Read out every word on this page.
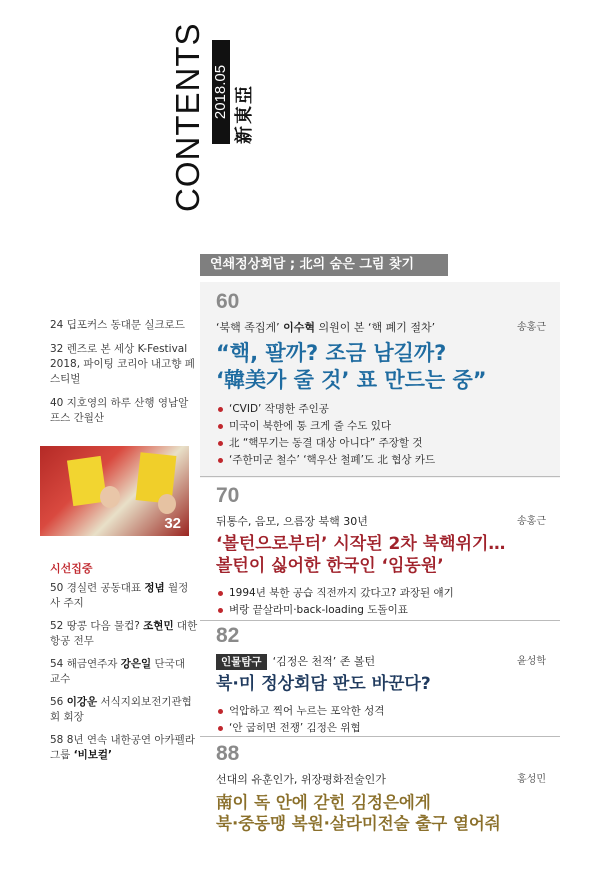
CONTENTS 2018.05 新東亞
24 딥포커스 동대문 실크로드
32 렌즈로 본 세상 K-Festival 2018, 파이팅 코리아 내고향 페스티벌
40 지호영의 하루 산행 영남알프스 간월산
32
시선집중
50 경실련 공동대표 정념 월정사 주지
52 땅콩 다음 물컵? 조현민 대한항공 전무
54 해금연주자 강은일 단국대 교수
56 이강운 서식지외보전기관협회 회장
58 8년 연속 내한공연 아카펠라 그룹 ‘비보컬’
연쇄정상회담 ; 北의 숨은 그림 찾기
60
‘북핵 족집게’ 이수혁 의원이 본 ‘핵 폐기 절차’	송홍근
“핵, 팔까? 조금 남길까?
‘韓美가 줄 것’ 표 만드는 중”
‘CVID’ 작명한 주인공
미국이 북한에 통 크게 줄 수도 있다
北 “핵무기는 동결 대상 아니다” 주장할 것
‘주한미군 철수’ ‘핵우산 철폐’도 北 협상 카드
70
뒤통수, 음모, 으름장 북핵 30년	송홍근
‘볼턴으로부터’ 시작된 2차 북핵위기…
볼턴이 싫어한 한국인 ‘임동원’
1994년 북한 공습 직전까지 갔다고? 과장된 얘기
벼랑 끝살라미·back-loading 도돌이표
82
인물탐구 ‘김정은 천적’ 존 볼턴	윤성학
북·미 정상회담 판도 바꾼다?
억압하고 찍어 누르는 포악한 성격
‘안 굽히면 전쟁’ 김정은 위협
88
선대의 유훈인가, 위장평화전술인가	홍성민
南이 독 안에 갇힌 김정은에게
북·중동맹 복원·살라미전술 출구 열어줘
